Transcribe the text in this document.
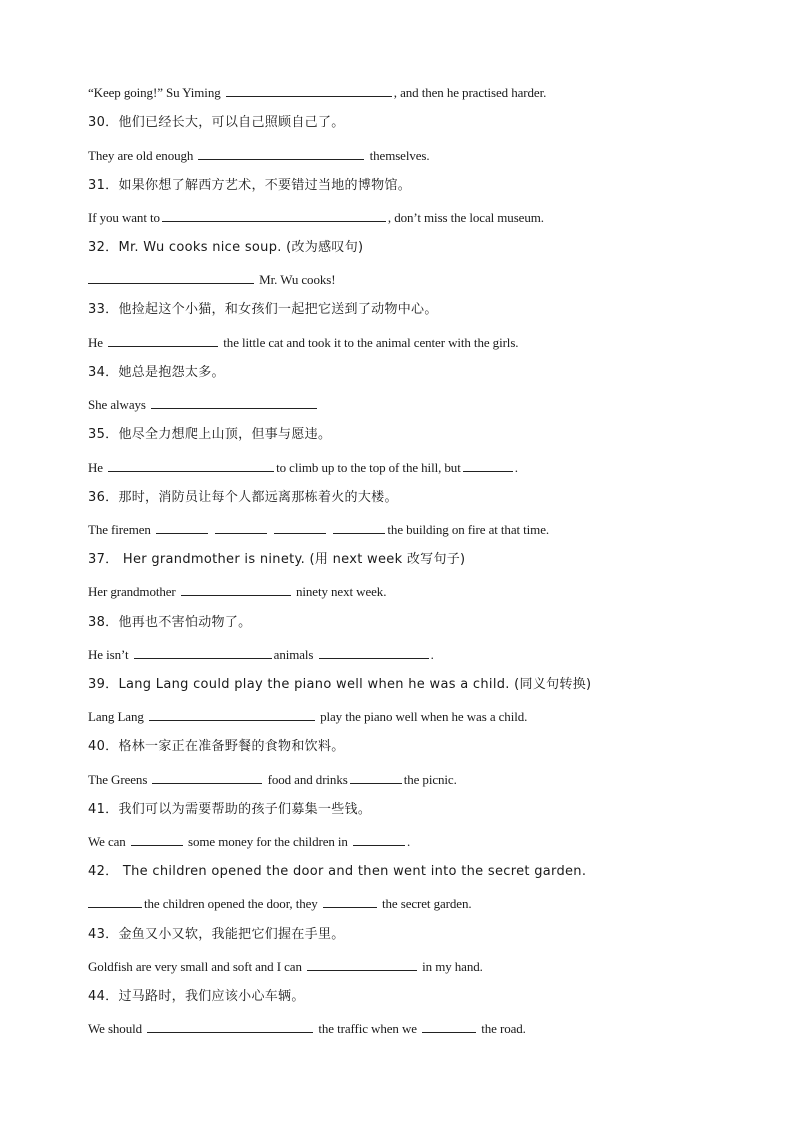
“Keep going!” Su Yiming	, and then he practised harder.
30．他们已经长大，可以自己照顾自己了。
They are old enough	themselves.
31．如果你想了解西方艺术，不要错过当地的博物馆。
If you want to	, don’t miss the local museum.
32．Mr. Wu cooks nice soup. (改为感叹句)
Mr. Wu cooks!
33．他捡起这个小猫，和女孩们一起把它送到了动物中心。
He	the little cat and took it to the animal center with the girls.
34．她总是抱怨太多。
She always
35．他尽全力想爬上山顶，但事与愿违。
He	to climb up to the top of the hill, but	.
36．那时，消防员让每个人都远离那栋着火的大楼。
The firemen	the building on fire at that time.
37． Her grandmother is ninety. (用 next week 改写句子)
Her grandmother	ninety next week.
38．他再也不害怕动物了。
He isn’t	animals	.
39．Lang Lang could play the piano well when he was a child. (同义句转换)
Lang Lang	play the piano well when he was a child.
40．格林一家正在准备野餐的食物和饮料。
The Greens	food and drinks	the picnic.
41．我们可以为需要帮助的孩子们募集一些钱。
We can	some money for the children in	.
42． The children opened the door and then went into the secret garden.
the children opened the door, they	the secret garden.
43．金鱼又小又软，我能把它们握在手里。
Goldfish are very small and soft and I can	in my hand.
44．过马路时，我们应该小心车辆。
We should	the traffic when we	the road.
